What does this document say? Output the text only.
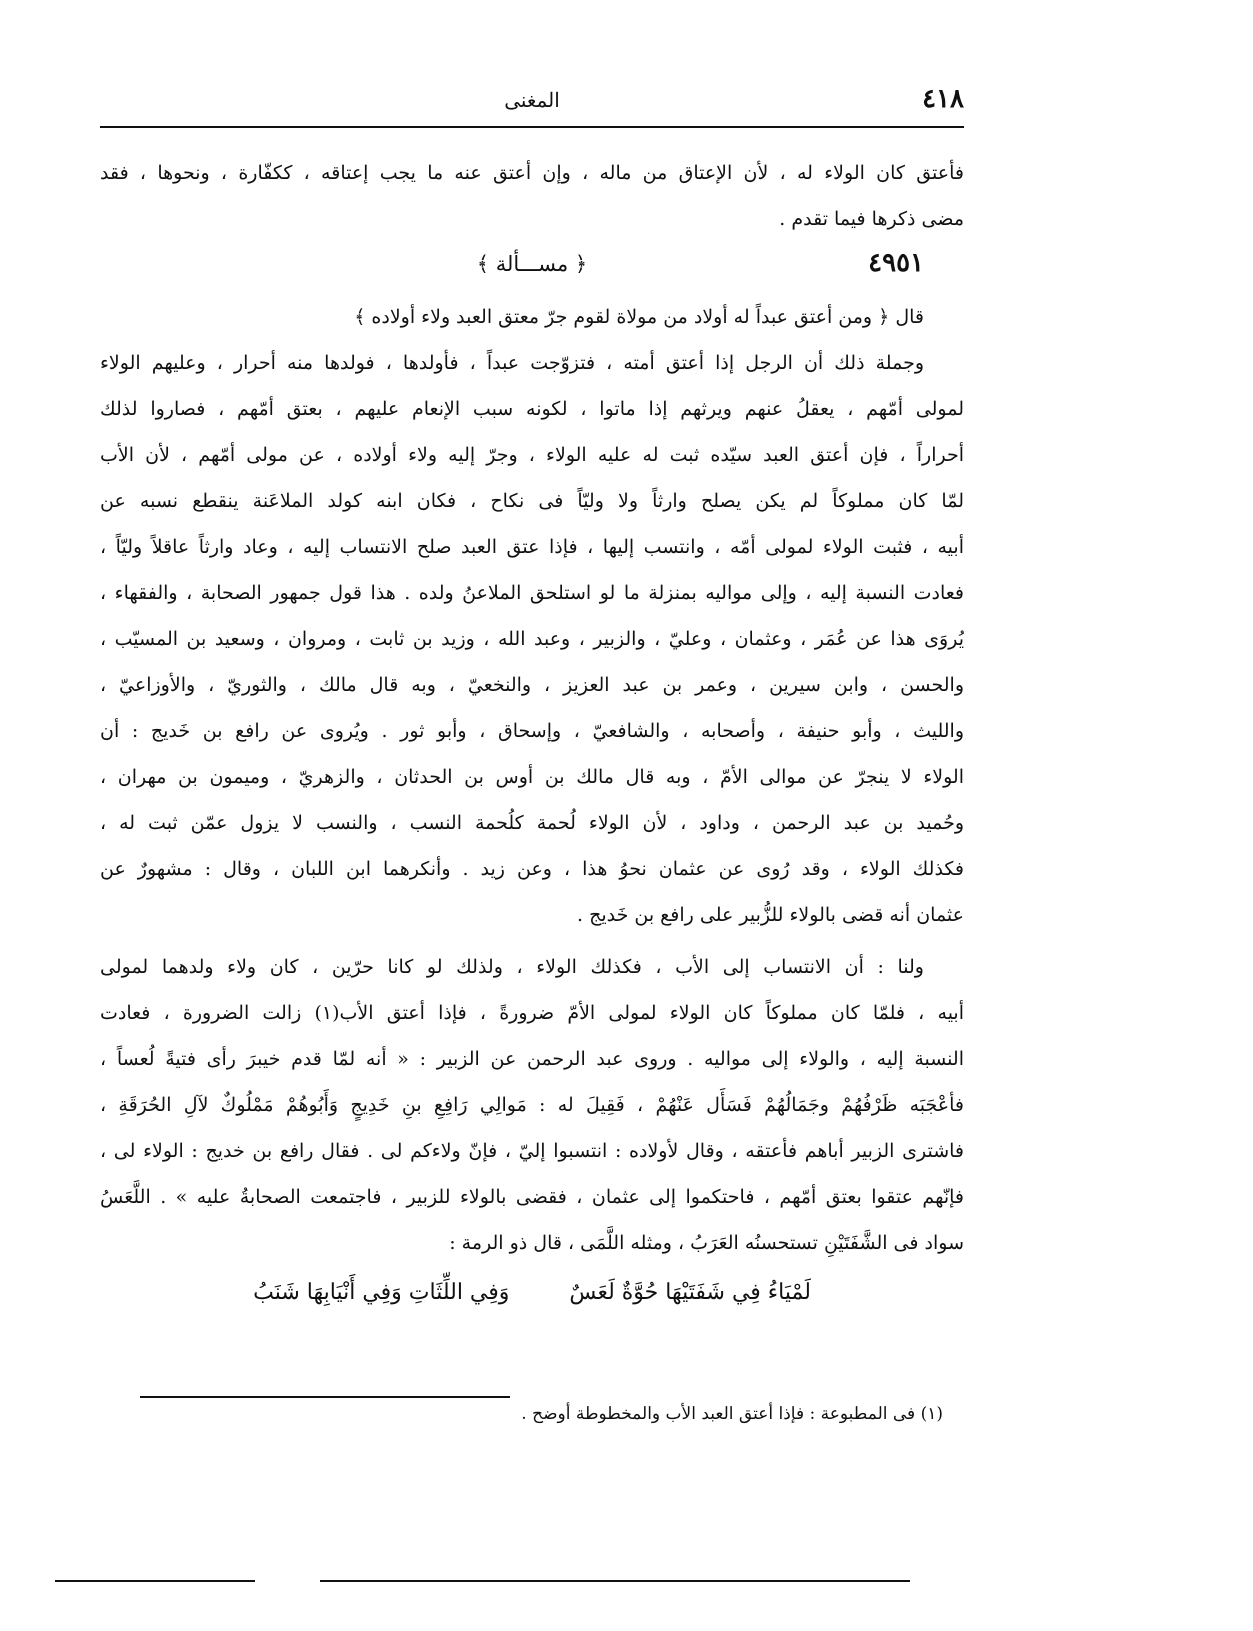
٤١٨
المغنى
فأعتق كان الولاء له ، لأن الإعتاق من ماله ، وإن أعتق عنه ما يجب إعتاقه ، ككفّارة ، ونحوها ، فقد
مضى ذكرها فيما تقدم .
٤٩٥١
﴿ مســـألة ﴾
قال ﴿ ومن أعتق عبداً له أولاد من مولاة لقوم جرّ معتق العبد ولاء أولاده ﴾
وجملة ذلك أن الرجل إذا أعتق أمته ، فتزوّجت عبداً ، فأولدها ، فولدها منه أحرار ، وعليهم الولاء
لمولى أمّهم ، يعقلُ عنهم ويرثهم إذا ماتوا ، لكونه سبب الإنعام عليهم ، بعتق أمّهم ، فصاروا لذلك
أحراراً ، فإن أعتق العبد سيّده ثبت له عليه الولاء ، وجرّ إليه ولاء أولاده ، عن مولى أمّهم ، لأن الأب
لمّا كان مملوكاً لم يكن يصلح وارثاً ولا وليّاً فى نكاح ، فكان ابنه كولد الملاعَنة ينقطع نسبه عن
أبيه ، فثبت الولاء لمولى أمّه ، وانتسب إليها ، فإذا عتق العبد صلح الانتساب إليه ، وعاد وارثاً عاقلاً وليّاً ،
فعادت النسبة إليه ، وإلى مواليه بمنزلة ما لو استلحق الملاعنُ ولده . هذا قول جمهور الصحابة ، والفقهاء ،
يُروَى هذا عن عُمَر ، وعثمان ، وعليّ ، والزبير ، وعبد الله ، وزيد بن ثابت ، ومروان ، وسعيد بن المسيّب ،
والحسن ، وابن سيرين ، وعمر بن عبد العزيز ، والنخعيّ ، وبه قال مالك ، والثوريّ ، والأوزاعيّ ،
والليث ، وأبو حنيفة ، وأصحابه ، والشافعيّ ، وإسحاق ، وأبو ثور . ويُروى عن رافع بن خَديج : أن
الولاء لا ينجرّ عن موالى الأمّ ، وبه قال مالك بن أوس بن الحدثان ، والزهريّ ، وميمون بن مهران ،
وحُميد بن عبد الرحمن ، وداود ، لأن الولاء لُحمة كلُحمة النسب ، والنسب لا يزول عمّن ثبت له ،
فكذلك الولاء ، وقد رُوى عن عثمان نحوُ هذا ، وعن زيد . وأنكرهما ابن اللبان ، وقال : مشهورٌ عن
عثمان أنه قضى بالولاء للزُّبير على رافع بن خَديج .
ولنا : أن الانتساب إلى الأب ، فكذلك الولاء ، ولذلك لو كانا حرّين ، كان ولاء ولدهما لمولى
أبيه ، فلمّا كان مملوكاً كان الولاء لمولى الأمّ ضرورةً ، فإذا أعتق الأب(١) زالت الضرورة ، فعادت
النسبة إليه ، والولاء إلى مواليه . وروى عبد الرحمن عن الزبير : « أنه لمّا قدم خيبرَ رأى فتيةً لُعساً ،
فأعْجَبَه ظَرْفُهُمْ وجَمَالُهُمْ فَسَأَل عَنْهُمْ ، فَقِيلَ له : مَوالِي رَافِعِ بنِ خَدِيجٍ وَأَبُوهُمْ مَمْلُوكٌ لآلِ الحُرَقَةِ ،
فاشترى الزبير أباهم فأعتقه ، وقال لأولاده : انتسبوا إليّ ، فإنّ ولاءكم لى . فقال رافع بن خديج : الولاء لى ،
فإنّهم عتقوا بعتق أمّهم ، فاحتكموا إلى عثمان ، فقضى بالولاء للزبير ، فاجتمعت الصحابةُ عليه » . اللَّعَسُ
سواد فى الشَّفَتَيْنِ تستحسنُه العَرَبُ ، ومثله اللَّمَى ، قال ذو الرمة :
لَمْيَاءُ فِي شَفَتَيْهَا حُوَّةٌ لَعَسٌ
وَفِي اللِّثَاتِ وَفِي أَنْيَابِهَا شَنَبُ
(١) فى المطبوعة : فإذا أعتق العبد الأب والمخطوطة أوضح .
